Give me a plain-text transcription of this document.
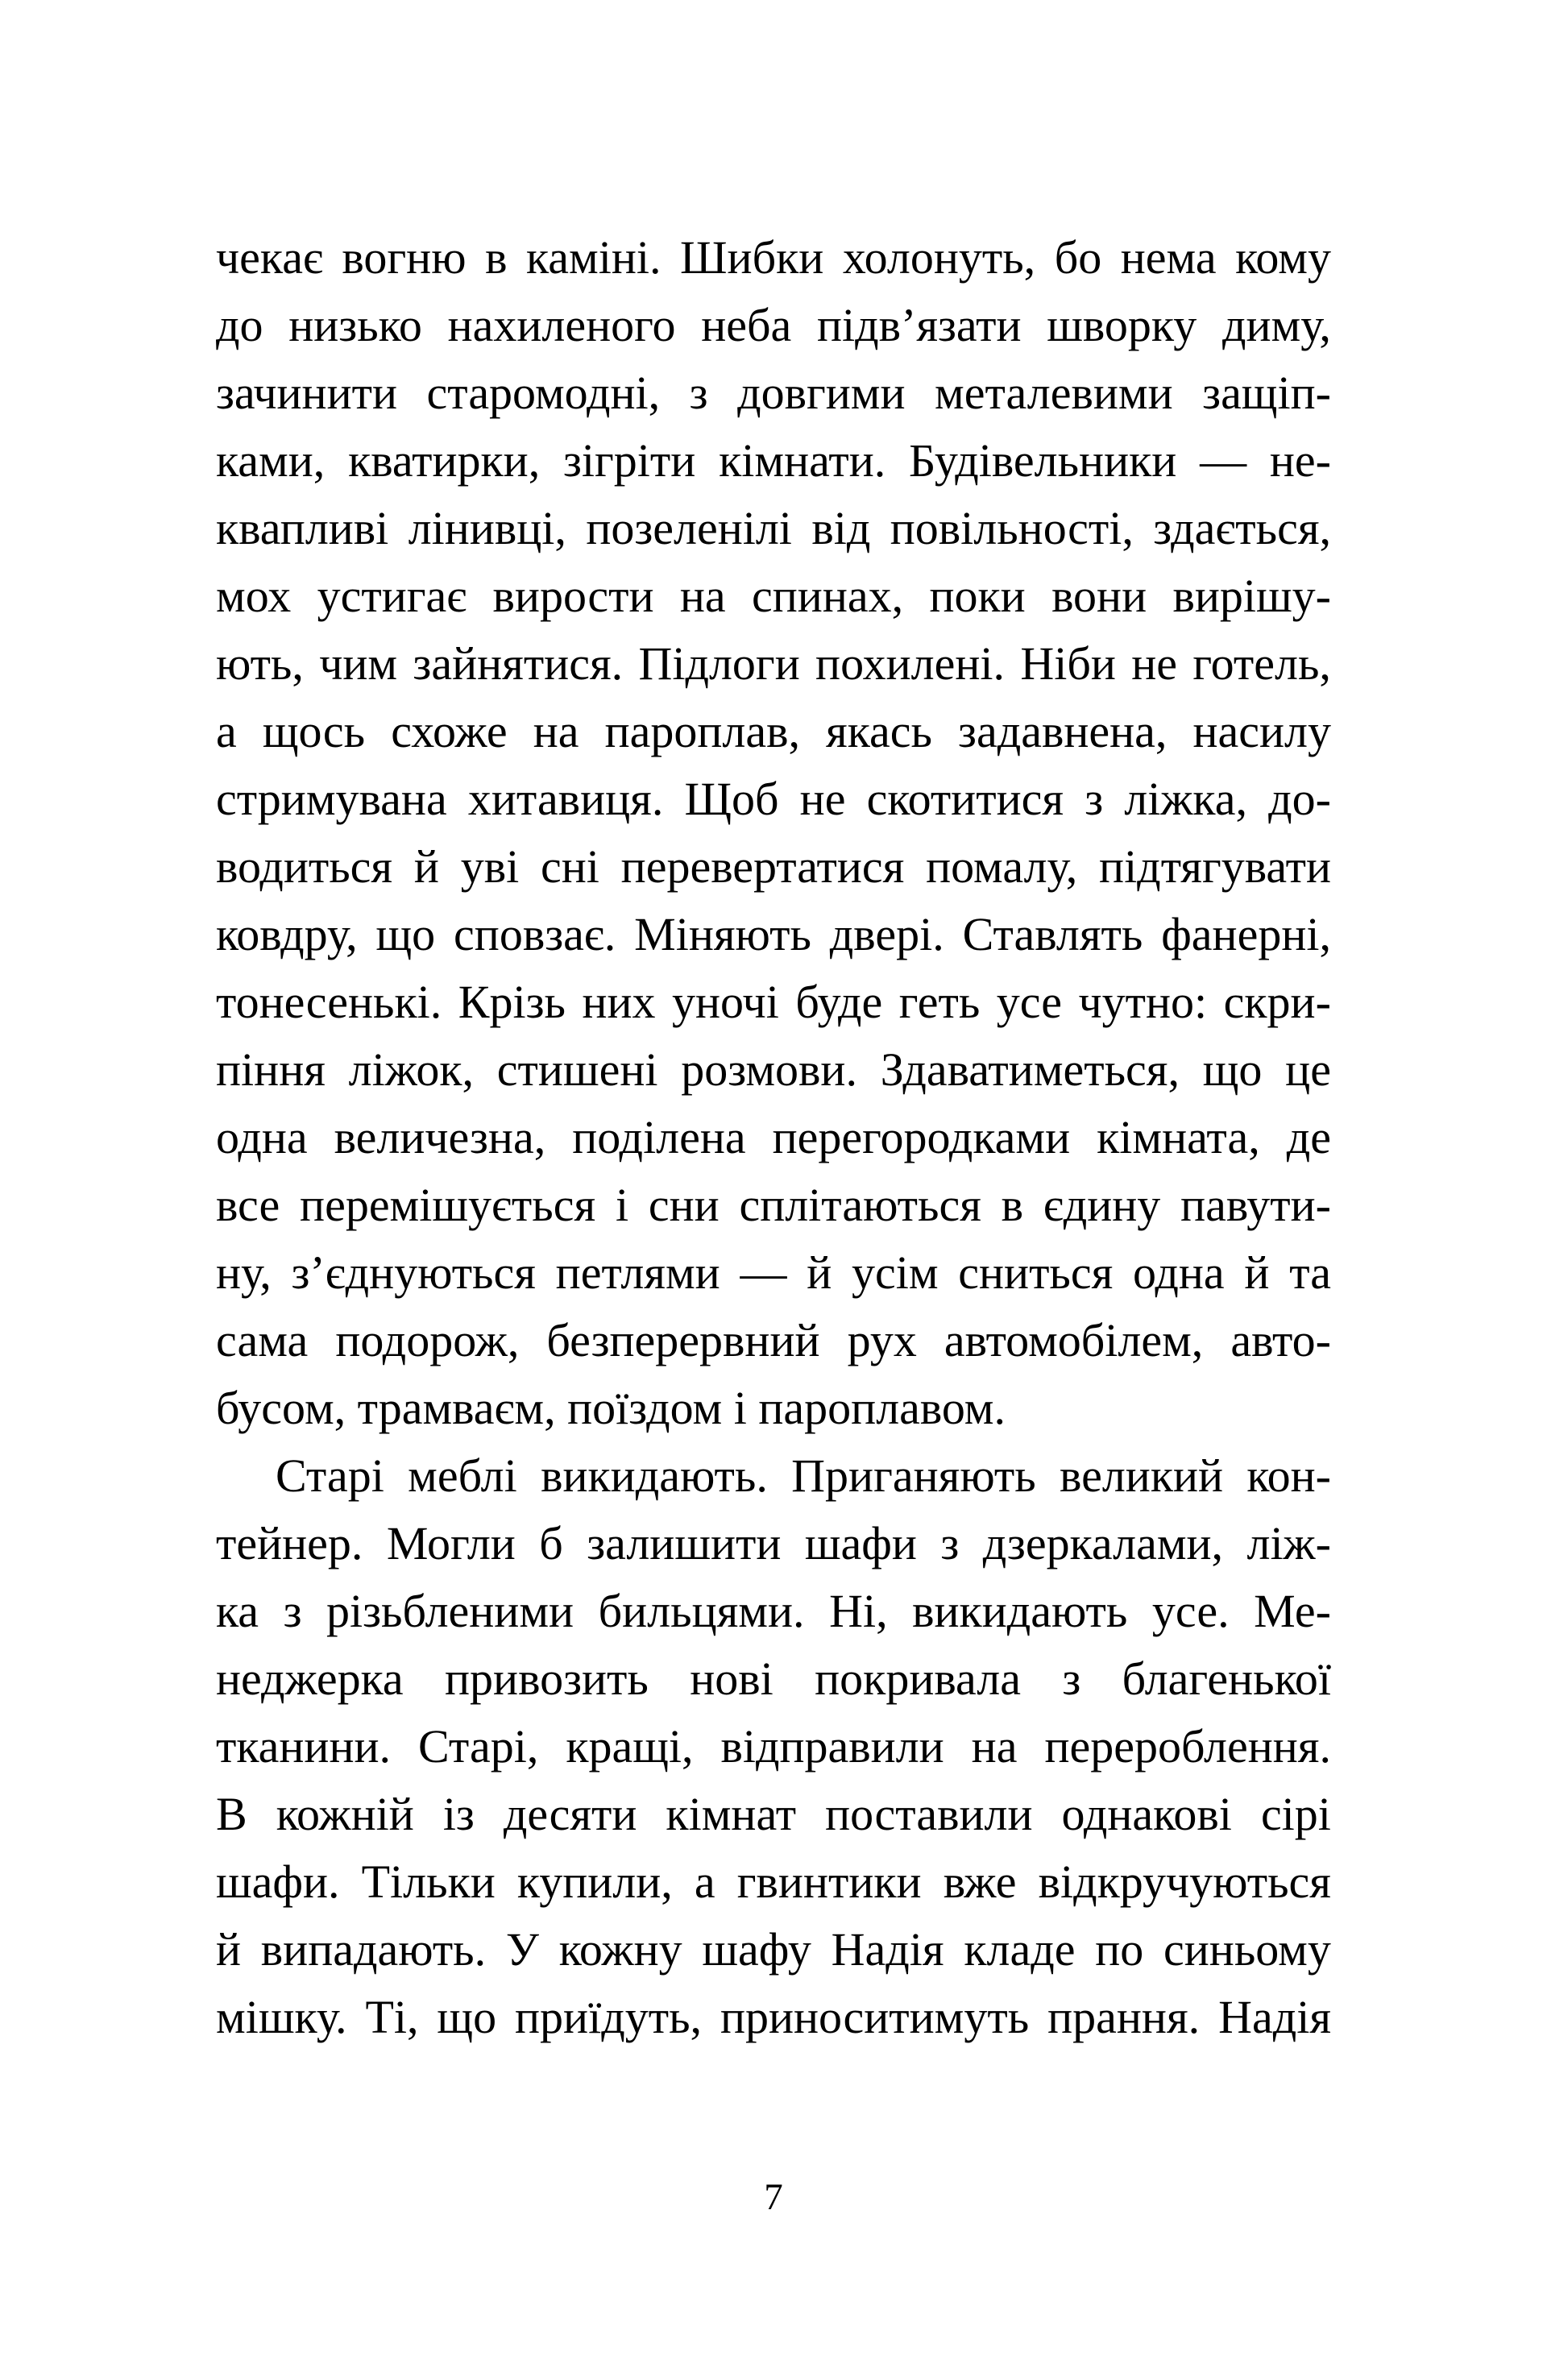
чекає вогню в каміні. Шибки холонуть, бо нема кому
до низько нахиленого неба підв’язати шворку диму,
зачинити старомодні, з довгими металевими защіп-
ками, кватирки, зігріти кімнати. Будівельники — не-
квапливі лінивці, позеленілі від повільності, здається,
мох устигає вирости на спинах, поки вони вирішу-
ють, чим зайнятися. Підлоги похилені. Ніби не готель,
а щось схоже на пароплав, якась задавнена, насилу
стримувана хитавиця. Щоб не скотитися з ліжка, до-
водиться й уві сні перевертатися помалу, підтягувати
ковдру, що сповзає. Міняють двері. Ставлять фанерні,
тонесенькі. Крізь них уночі буде геть усе чутно: скри-
піння ліжок, стишені розмови. Здаватиметься, що це
одна величезна, поділена перегородками кімната, де
все перемішується і сни сплітаються в єдину павути-
ну, з’єднуються петлями — й усім сниться одна й та
сама подорож, безперервний рух автомобілем, авто-
бусом, трамваєм, поїздом і пароплавом.
Старі меблі викидають. Приганяють великий кон-
тейнер. Могли б залишити шафи з дзеркалами, ліж-
ка з різьбленими бильцями. Ні, викидають усе. Ме-
неджерка привозить нові покривала з благенької
тканини. Старі, кращі, відправили на перероблення.
В кожній із десяти кімнат поставили однакові сірі
шафи. Тільки купили, а гвинтики вже відкручуються
й випадають. У кожну шафу Надія кладе по синьому
мішку. Ті, що приїдуть, приноситимуть прання. Надія
7
